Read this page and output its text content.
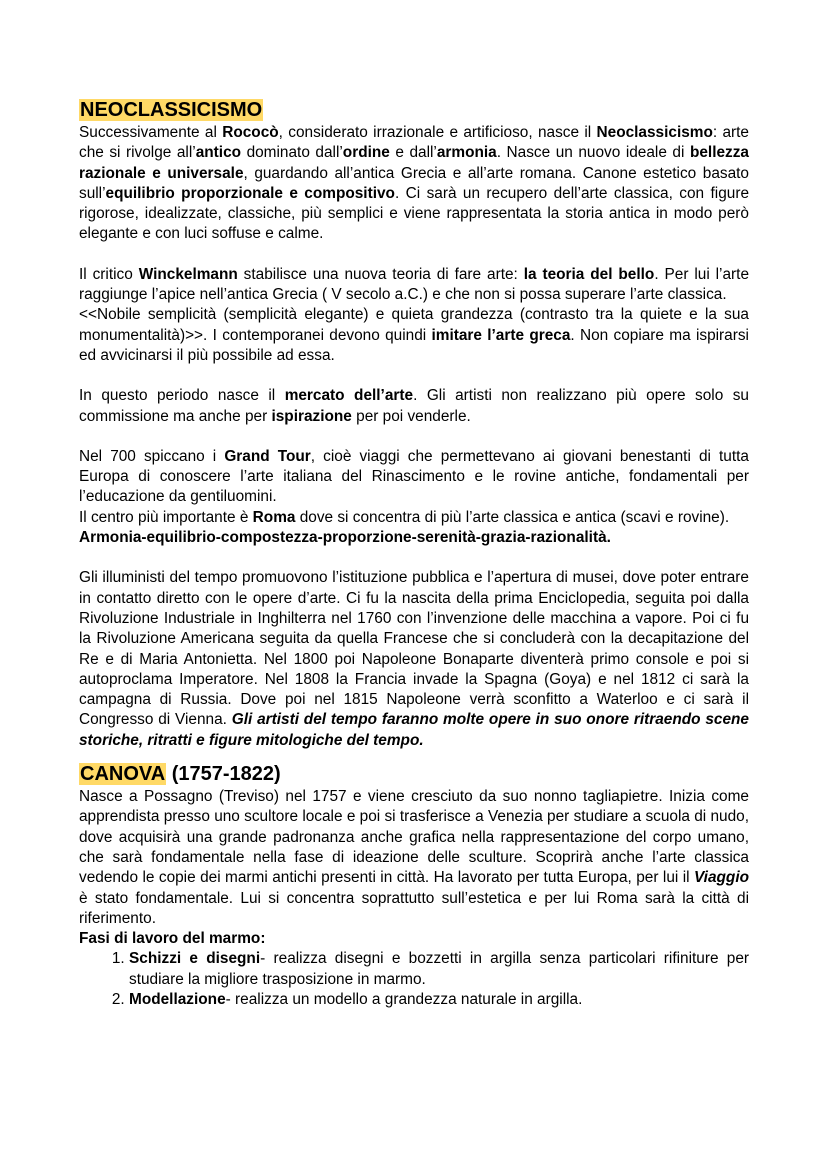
NEOCLASSICISMO

Successivamente al Rococò, considerato irrazionale e artificioso, nasce il Neoclassicismo: arte che si rivolge all’antico dominato dall’ordine e dall’armonia. Nasce un nuovo ideale di bellezza razionale e universale, guardando all’antica Grecia e all’arte romana. Canone estetico basato sull’equilibrio proporzionale e compositivo. Ci sarà un recupero dell’arte classica, con figure rigorose, idealizzate, classiche, più semplici e viene rappresentata la storia antica in modo però elegante e con luci soffuse e calme.

Il critico Winckelmann stabilisce una nuova teoria di fare arte: la teoria del bello. Per lui l’arte raggiunge l’apice nell’antica Grecia ( V secolo a.C.) e che non si possa superare l’arte classica.

<<Nobile semplicità (semplicità elegante) e quieta grandezza (contrasto tra la quiete e la sua monumentalità)>>. I contemporanei devono quindi imitare l’arte greca. Non copiare ma ispirarsi ed avvicinarsi il più possibile ad essa.

In questo periodo nasce il mercato dell’arte. Gli artisti non realizzano più opere solo su commissione ma anche per ispirazione per poi venderle.

Nel 700 spiccano i Grand Tour, cioè viaggi che permettevano ai giovani benestanti di tutta Europa di conoscere l’arte italiana del Rinascimento e le rovine antiche, fondamentali per l’educazione da gentiluomini.

Il centro più importante è Roma dove si concentra di più l’arte classica e antica (scavi e rovine).

Armonia-equilibrio-compostezza-proporzione-serenità-grazia-razionalità.

Gli illuministi del tempo promuovono l’istituzione pubblica e l’apertura di musei, dove poter entrare in contatto diretto con le opere d’arte. Ci fu la nascita della prima Enciclopedia, seguita poi dalla Rivoluzione Industriale in Inghilterra nel 1760 con l’invenzione delle macchina a vapore. Poi ci fu la Rivoluzione Americana seguita da quella Francese che si concluderà con la decapitazione del Re e di Maria Antonietta. Nel 1800 poi Napoleone Bonaparte diventerà primo console e poi si autoproclama Imperatore. Nel 1808 la Francia invade la Spagna (Goya) e nel 1812 ci sarà la campagna di Russia. Dove poi nel 1815 Napoleone verrà sconfitto a Waterloo e ci sarà il Congresso di Vienna. Gli artisti del tempo faranno molte opere in suo onore ritraendo scene storiche, ritratti e figure mitologiche del tempo.

CANOVA (1757-1822)

Nasce a Possagno (Treviso) nel 1757 e viene cresciuto da suo nonno tagliapietre. Inizia come apprendista presso uno scultore locale e poi si trasferisce a Venezia per studiare a scuola di nudo, dove acquisirà una grande padronanza anche grafica nella rappresentazione del corpo umano, che sarà fondamentale nella fase di ideazione delle sculture. Scoprirà anche l’arte classica vedendo le copie dei marmi antichi presenti in città. Ha lavorato per tutta Europa, per lui il Viaggio è stato fondamentale. Lui si concentra soprattutto sull’estetica e per lui Roma sarà la città di riferimento.

Fasi di lavoro del marmo:

1. Schizzi e disegni- realizza disegni e bozzetti in argilla senza particolari rifiniture per studiare la migliore trasposizione in marmo.
2. Modellazione- realizza un modello a grandezza naturale in argilla.
